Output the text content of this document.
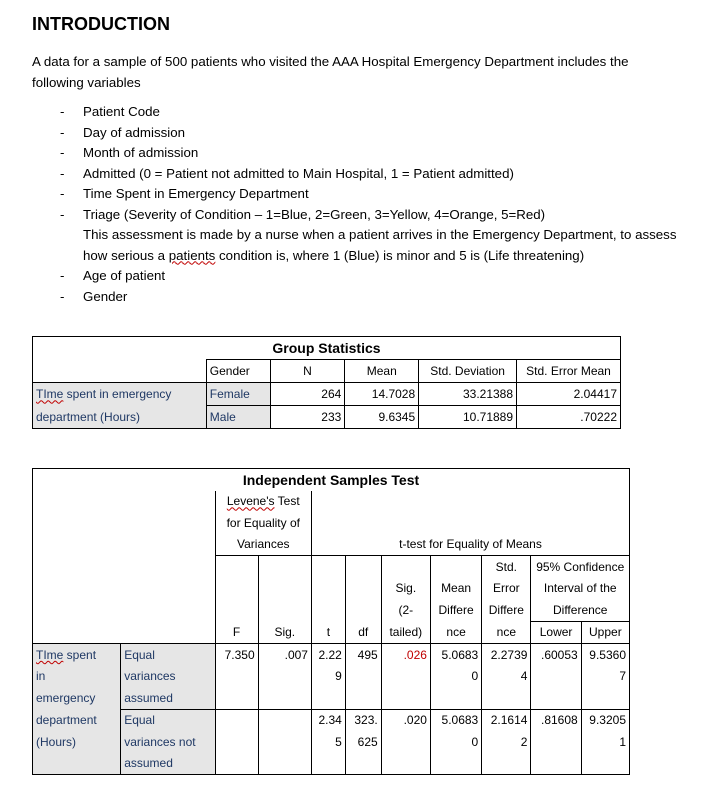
INTRODUCTION
A data for a sample of 500 patients who visited the AAA Hospital Emergency Department includes the following variables
- Patient Code
- Day of admission
- Month of admission
- Admitted (0 = Patient not admitted to Main Hospital, 1 = Patient admitted)
- Time Spent in Emergency Department
- Triage (Severity of Condition – 1=Blue, 2=Green, 3=Yellow, 4=Orange, 5=Red)
This assessment is made by a nurse when a patient arrives in the Emergency Department, to assess how serious a patients condition is, where 1 (Blue) is minor and 5 is (Life threatening)
- Age of patient
- Gender
Group Statistics					
	Gender	N	Mean	Std. Deviation	Std. Error Mean
TIme spent in emergency	Female	264	14.7028	33.21388	2.04417
department (Hours)	Male	233	9.6345	10.71889	.70222
Independent Samples Test										
		Levene's Test								
		for Equality of								
		Variances		t-test for Equality of Means						
								Std.	95% Confidence	
						Sig.	Mean	Error	Interval of the	
						(2-	Differe	Differe	Difference	
		F	Sig.	t	df	tailed)	nce	nce	Lower	Upper
TIme spent	Equal	7.350	.007	2.22	495	.026	5.0683	2.2739	.60053	9.5360
in	variances			9			0	4		7
emergency	assumed									
department	Equal			2.34	323.	.020	5.0683	2.1614	.81608	9.3205
(Hours)	variances not			5	625		0	2		1
	assumed									
